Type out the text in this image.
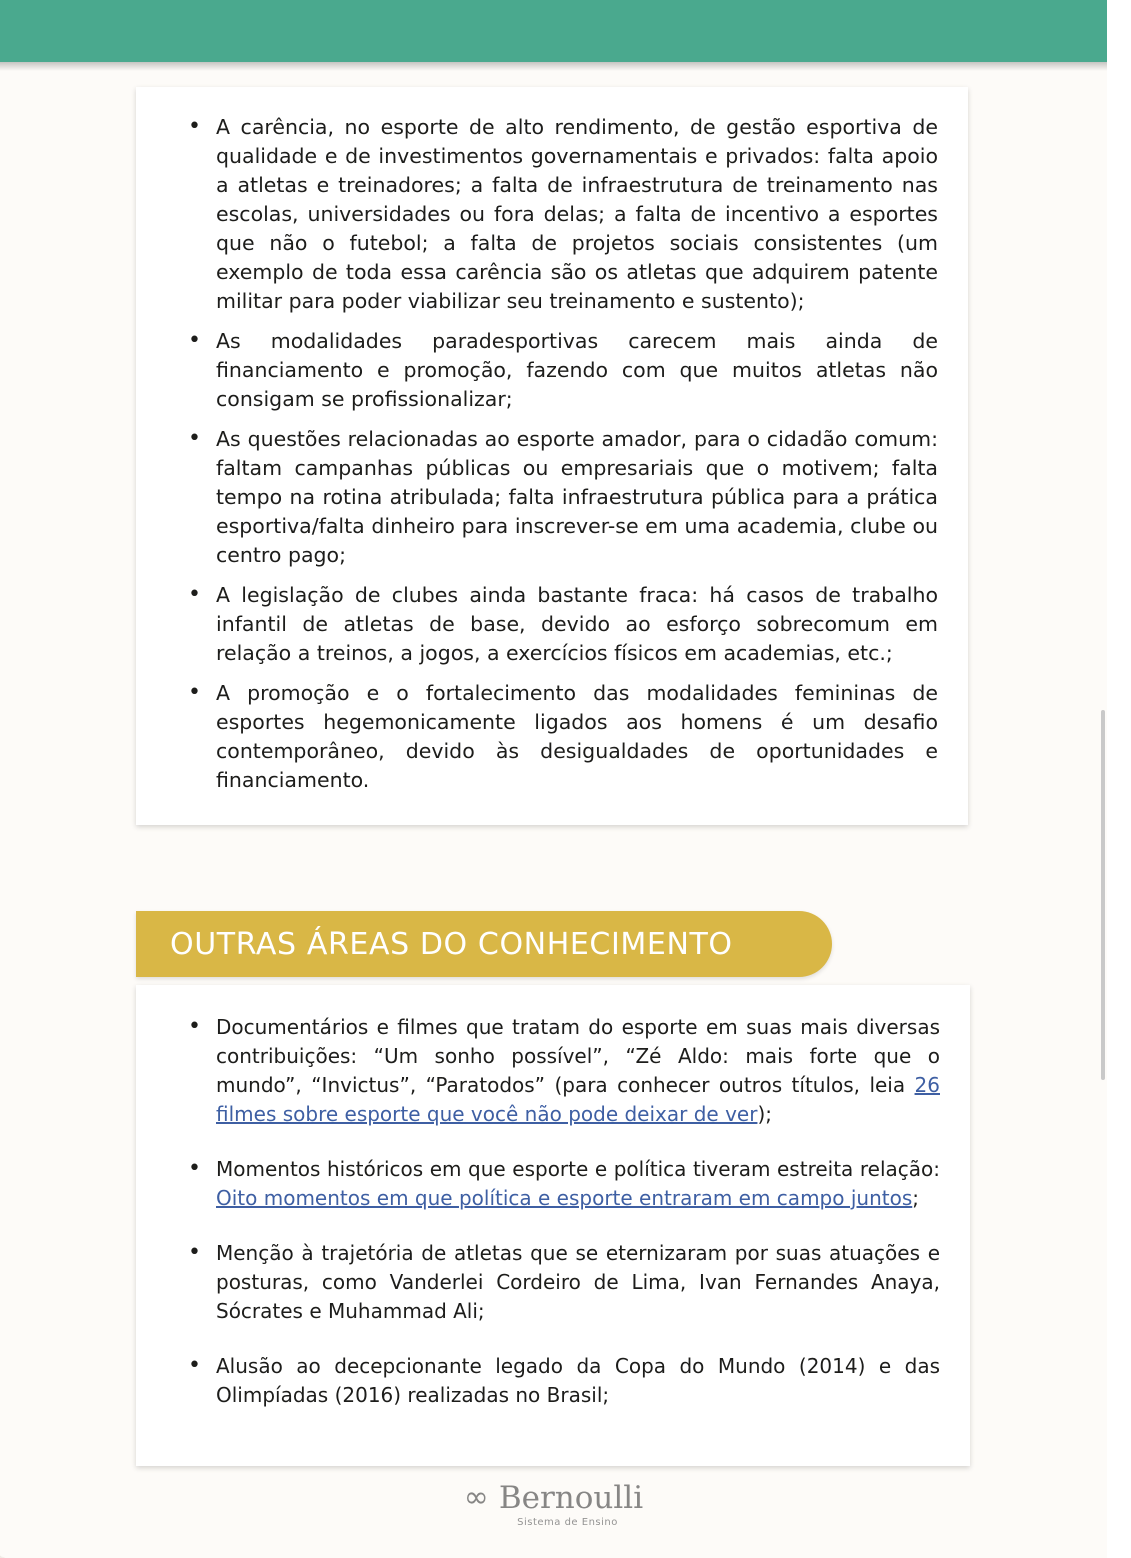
• A carência, no esporte de alto rendimento, de gestão esportiva de qualidade e de investimentos governamentais e privados: falta apoio a atletas e treinadores; a falta de infraestrutura de treinamento nas escolas, universidades ou fora delas; a falta de incentivo a esportes que não o futebol; a falta de projetos sociais consistentes (um exemplo de toda essa carência são os atletas que adquirem patente militar para poder viabilizar seu treinamento e sustento);
• As modalidades paradesportivas carecem mais ainda de financiamento e promoção, fazendo com que muitos atletas não consigam se profissionalizar;
• As questões relacionadas ao esporte amador, para o cidadão comum: faltam campanhas públicas ou empresariais que o motivem; falta tempo na rotina atribulada; falta infraestrutura pública para a prática esportiva/falta dinheiro para inscrever-se em uma academia, clube ou centro pago;
• A legislação de clubes ainda bastante fraca: há casos de trabalho infantil de atletas de base, devido ao esforço sobrecomum em relação a treinos, a jogos, a exercícios físicos em academias, etc.;
• A promoção e o fortalecimento das modalidades femininas de esportes hegemonicamente ligados aos homens é um desafio contemporâneo, devido às desigualdades de oportunidades e financiamento.
OUTRAS ÁREAS DO CONHECIMENTO
• Documentários e filmes que tratam do esporte em suas mais diversas contribuições: “Um sonho possível”, “Zé Aldo: mais forte que o mundo”, “Invictus”, “Paratodos” (para conhecer outros títulos, leia 26 filmes sobre esporte que você não pode deixar de ver);
• Momentos históricos em que esporte e política tiveram estreita relação: Oito momentos em que política e esporte entraram em campo juntos;
• Menção à trajetória de atletas que se eternizaram por suas atuações e posturas, como Vanderlei Cordeiro de Lima, Ivan Fernandes Anaya, Sócrates e Muhammad Ali;
• Alusão ao decepcionante legado da Copa do Mundo (2014) e das Olimpíadas (2016) realizadas no Brasil;
∞ Bernoulli
Sistema de Ensino
